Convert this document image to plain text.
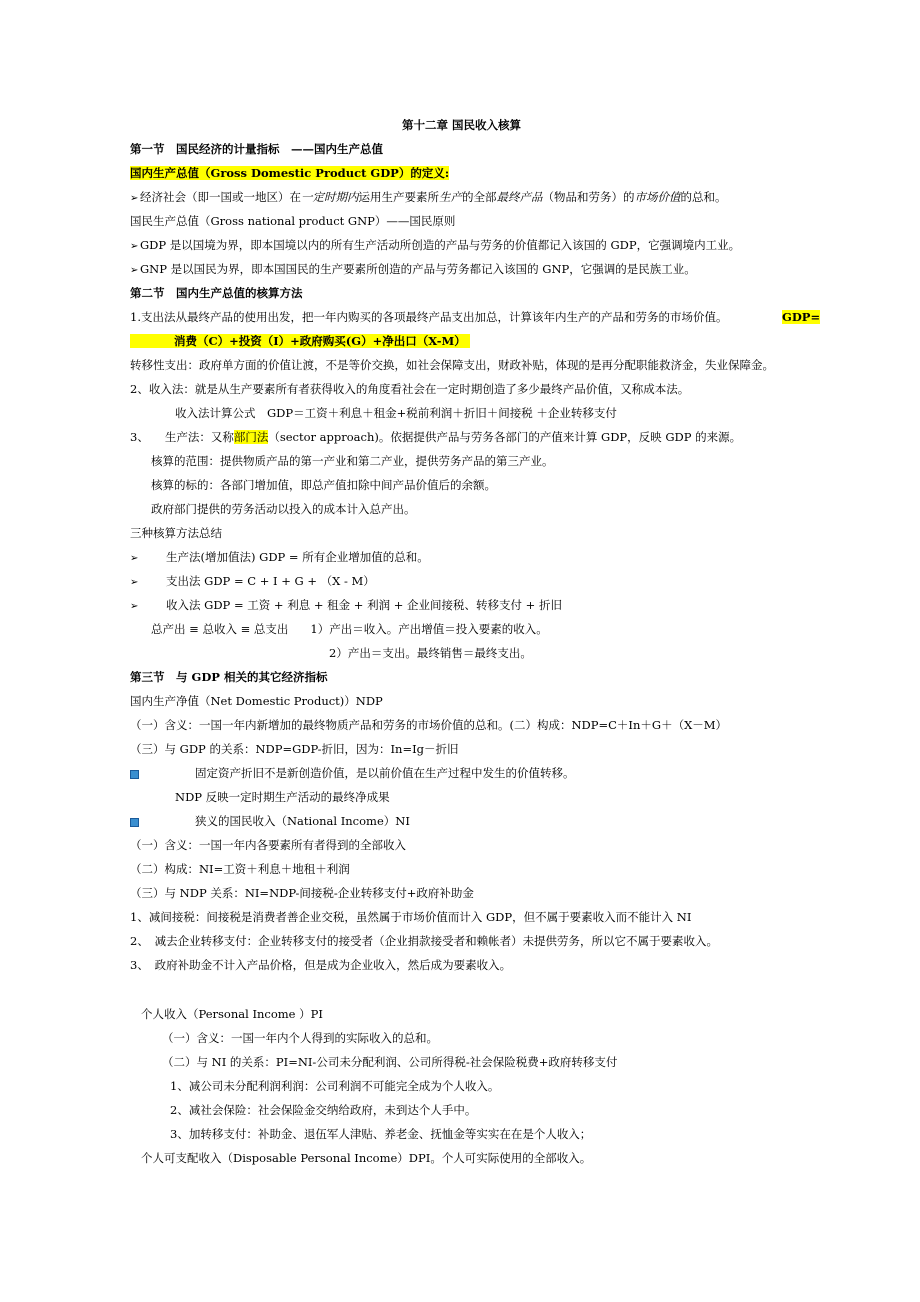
第十二章 国民收入核算
第一节　国民经济的计量指标　——国内生产总值
国内生产总值（Gross Domestic Product GDP）的定义:
➢ 经济社会（即一国或一地区）在一定时期内运用生产要素所生产的全部最终产品（物品和劳务）的市场价值的总和。
国民生产总值（Gross national product GNP）——国民原则
➢ GDP 是以国境为界，即本国境以内的所有生产活动所创造的产品与劳务的价值都记入该国的 GDP，它强调境内工业。
➢ GNP 是以国民为界，即本国国民的生产要素所创造的产品与劳务都记入该国的 GNP，它强调的是民族工业。
第二节　国内生产总值的核算方法
1.支出法从最终产品的使用出发，把一年内购买的各项最终产品支出加总，计算该年内生产的产品和劳务的市场价值。	GDP=
消费（C）+投资（I）+政府购买(G）+净出口（X-M）
转移性支出：政府单方面的价值让渡，不是等价交换，如社会保障支出，财政补贴，体现的是再分配职能救济金，失业保障金。
2、收入法：就是从生产要素所有者获得收入的角度看社会在一定时期创造了多少最终产品价值，又称成本法。
收入法计算公式　GDP＝工资＋利息＋租金+税前利润＋折旧＋间接税 ＋企业转移支付
3、 生产法：又称部门法（sector approach)。依据提供产品与劳务各部门的产值来计算 GDP，反映 GDP 的来源。
核算的范围：提供物质产品的第一产业和第二产业，提供劳务产品的第三产业。
核算的标的：各部门增加值，即总产值扣除中间产品价值后的余额。
政府部门提供的劳务活动以投入的成本计入总产出。
三种核算方法总结
➢ 生产法(增加值法) GDP = 所有企业增加值的总和。
➢ 支出法 GDP = C + I + G + （X - M）
➢ 收入法 GDP = 工资 + 利息 + 租金 + 利润 + 企业间接税、转移支付 + 折旧
总产出 ≡ 总收入 ≡ 总支出 1）产出＝收入。产出增值＝投入要素的收入。
2）产出＝支出。最终销售＝最终支出。
第三节　与 GDP 相关的其它经济指标
国内生产净值（Net Domestic Product)）NDP
（一）含义：一国一年内新增加的最终物质产品和劳务的市场价值的总和。(二）构成：NDP=C＋In＋G＋（X－M）
（三）与 GDP 的关系：NDP=GDP-折旧，因为：In=Ig－折旧
固定资产折旧不是新创造价值，是以前价值在生产过程中发生的价值转移。
NDP 反映一定时期生产活动的最终净成果
狭义的国民收入（National Income）NI
（一）含义：一国一年内各要素所有者得到的全部收入
（二）构成：NI=工资＋利息＋地租＋利润
（三）与 NDP 关系：NI=NDP-间接税-企业转移支付+政府补助金
1、减间接税：间接税是消费者善企业交税，虽然属于市场价值而计入 GDP，但不属于要素收入而不能计入 NI
2、　减去企业转移支付：企业转移支付的接受者（企业捐款接受者和赖帐者）未提供劳务，所以它不属于要素收入。
3、　政府补助金不计入产品价格，但是成为企业收入，然后成为要素收入。
个人收入（Personal Income ）PI
（一）含义：一国一年内个人得到的实际收入的总和。
（二）与 NI 的关系：PI=NI-公司未分配利润、公司所得税-社会保险税费+政府转移支付
1、减公司未分配利润利润：公司利润不可能完全成为个人收入。
2、减社会保险：社会保险金交纳给政府，未到达个人手中。
3、加转移支付：补助金、退伍军人津贴、养老金、抚恤金等实实在在是个人收入；
个人可支配收入（Disposable Personal Income）DPI。个人可实际使用的全部收入。
